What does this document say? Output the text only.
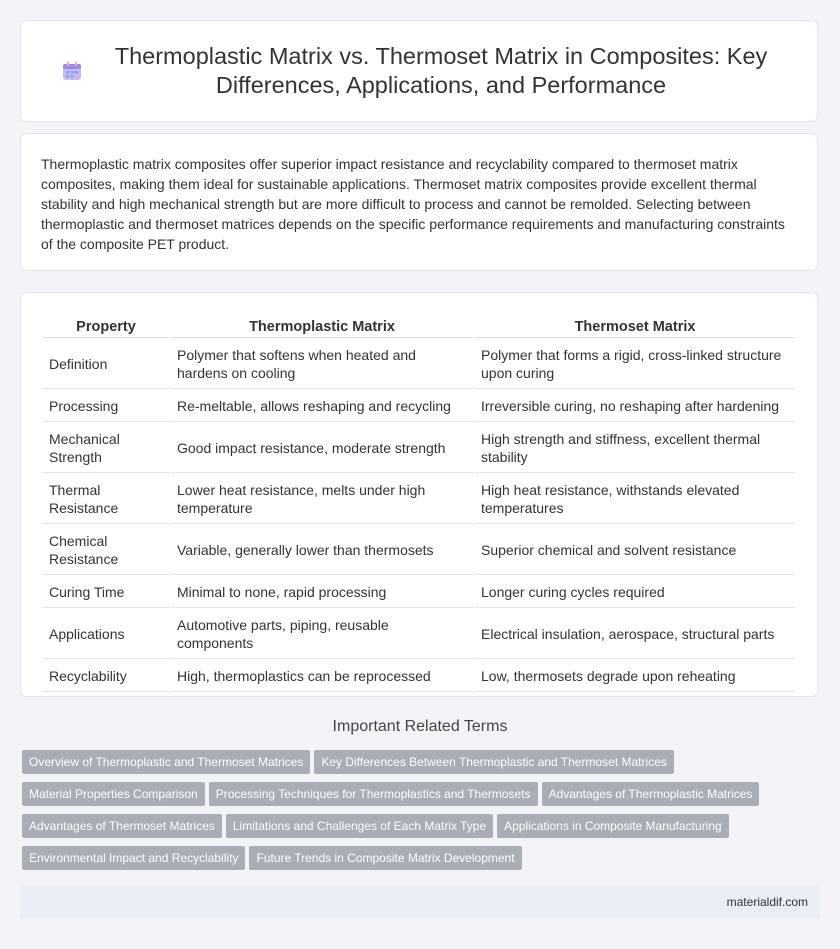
Thermoplastic Matrix vs. Thermoset Matrix in Composites: Key Differences, Applications, and Performance

Thermoplastic matrix composites offer superior impact resistance and recyclability compared to thermoset matrix composites, making them ideal for sustainable applications. Thermoset matrix composites provide excellent thermal stability and high mechanical strength but are more difficult to process and cannot be remolded. Selecting between thermoplastic and thermoset matrices depends on the specific performance requirements and manufacturing constraints of the composite PET product.

Property	Thermoplastic Matrix	Thermoset Matrix
Definition	Polymer that softens when heated and hardens on cooling	Polymer that forms a rigid, cross-linked structure upon curing
Processing	Re-meltable, allows reshaping and recycling	Irreversible curing, no reshaping after hardening
Mechanical Strength	Good impact resistance, moderate strength	High strength and stiffness, excellent thermal stability
Thermal Resistance	Lower heat resistance, melts under high temperature	High heat resistance, withstands elevated temperatures
Chemical Resistance	Variable, generally lower than thermosets	Superior chemical and solvent resistance
Curing Time	Minimal to none, rapid processing	Longer curing cycles required
Applications	Automotive parts, piping, reusable components	Electrical insulation, aerospace, structural parts
Recyclability	High, thermoplastics can be reprocessed	Low, thermosets degrade upon reheating
Important Related Terms
Overview of Thermoplastic and Thermoset Matrices Key Differences Between Thermoplastic and Thermoset Matrices
Material Properties Comparison Processing Techniques for Thermoplastics and Thermosets Advantages of Thermoplastic Matrices
Advantages of Thermoset Matrices Limitations and Challenges of Each Matrix Type Applications in Composite Manufacturing
Environmental Impact and Recyclability Future Trends in Composite Matrix Development
materialdif.com
